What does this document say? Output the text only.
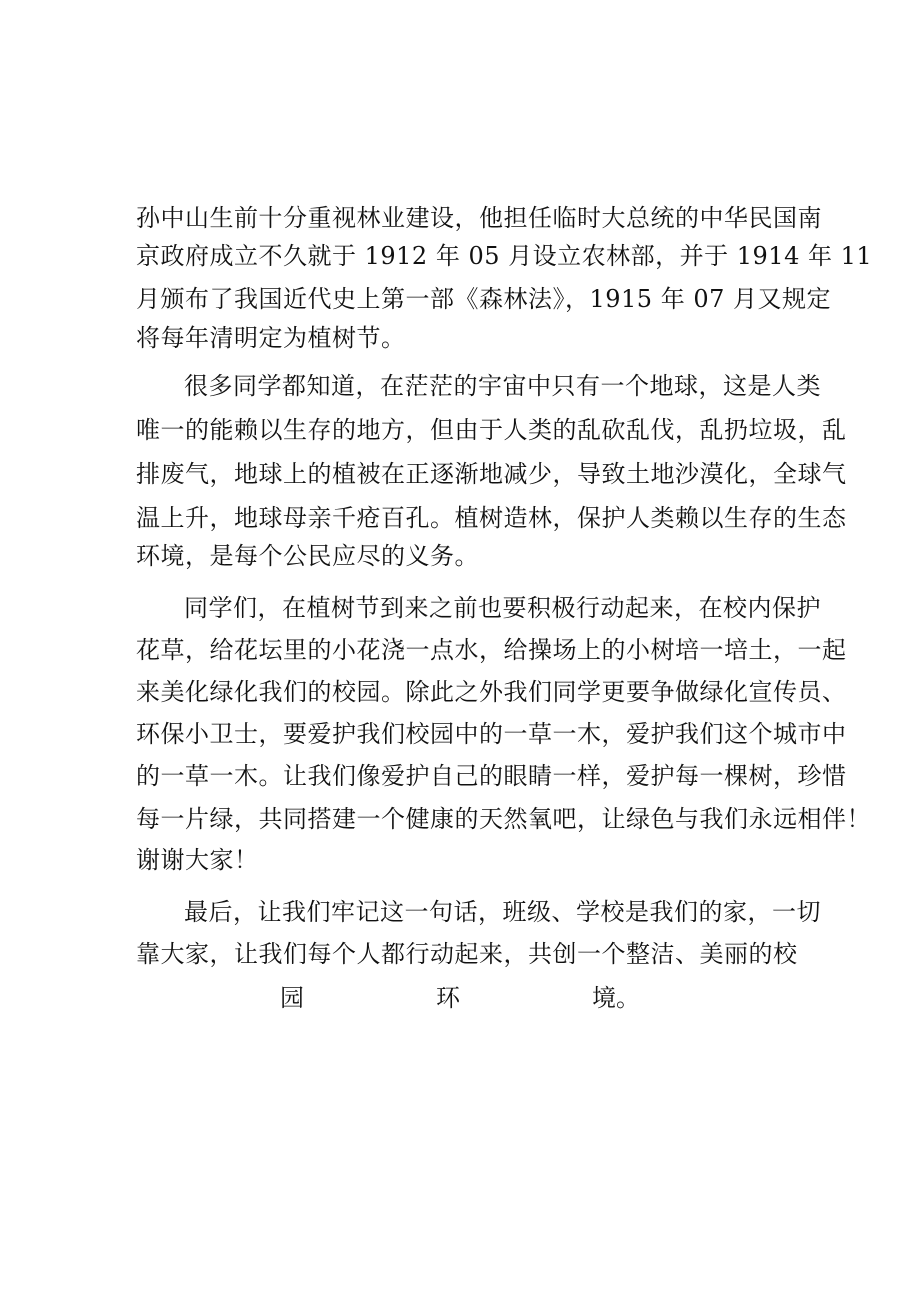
孙中山生前十分重视林业建设，他担任临时大总统的中华民国南
京政府成立不久就于 1912 年 05 月设立农林部，并于 1914 年 11
月颁布了我国近代史上第一部《森林法》，1915 年 07 月又规定
将每年清明定为植树节。
很多同学都知道，在茫茫的宇宙中只有一个地球，这是人类
唯一的能赖以生存的地方，但由于人类的乱砍乱伐，乱扔垃圾，乱
排废气，地球上的植被在正逐渐地减少，导致土地沙漠化，全球气
温上升，地球母亲千疮百孔。植树造林，保护人类赖以生存的生态
环境，是每个公民应尽的义务。
同学们，在植树节到来之前也要积极行动起来，在校内保护
花草，给花坛里的小花浇一点水，给操场上的小树培一培土，一起
来美化绿化我们的校园。除此之外我们同学更要争做绿化宣传员、
环保小卫士，要爱护我们校园中的一草一木，爱护我们这个城市中
的一草一木。让我们像爱护自己的眼睛一样，爱护每一棵树，珍惜
每一片绿，共同搭建一个健康的天然氧吧，让绿色与我们永远相伴！
谢谢大家！
最后，让我们牢记这一句话，班级、学校是我们的家，一切
靠大家，让我们每个人都行动起来，共创一个整洁、美丽的校
园	环	境。
